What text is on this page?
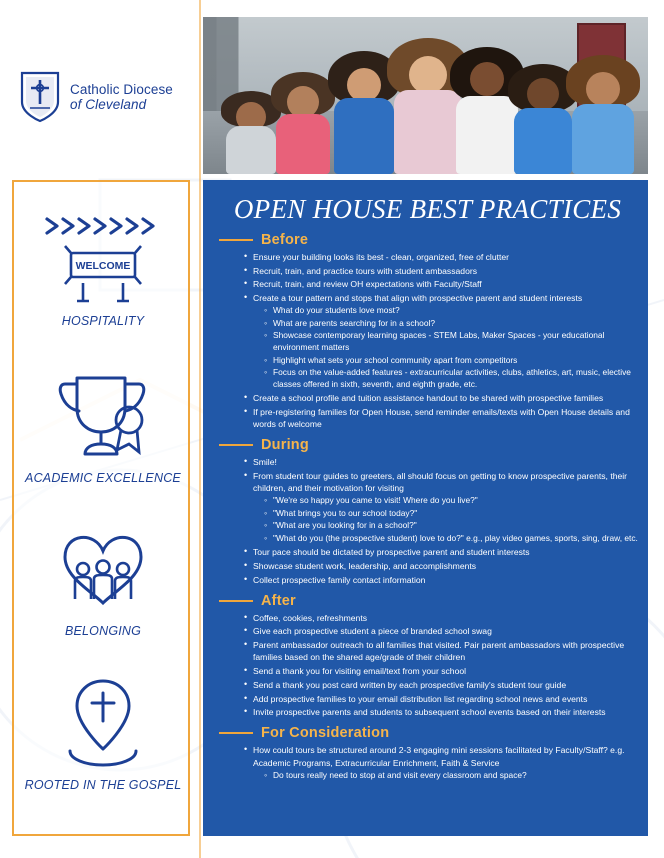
Catholic Diocese
of Cleveland
WELCOME
HOSPITALITY
ACADEMIC EXCELLENCE
BELONGING
ROOTED IN THE GOSPEL
OPEN HOUSE BEST PRACTICES
Before
• Ensure your building looks its best - clean, organized, free of clutter
• Recruit, train, and practice tours with student ambassadors
• Recruit, train, and review OH expectations with Faculty/Staff
• Create a tour pattern and stops that align with prospective parent and student interests
◦ What do your students love most?
◦ What are parents searching for in a school?
◦ Showcase contemporary learning spaces - STEM Labs, Maker Spaces - your educational environment matters
◦ Highlight what sets your school community apart from competitors
◦ Focus on the value-added features - extracurricular activities, clubs, athletics, art, music, elective classes offered in sixth, seventh, and eighth grade, etc.
• Create a school profile and tuition assistance handout to be shared with prospective families
• If pre-registering families for Open House, send reminder emails/texts with Open House details and words of welcome
During
• Smile!
• From student tour guides to greeters, all should focus on getting to know prospective parents, their children, and their motivation for visiting
◦ "We're so happy you came to visit! Where do you live?"
◦ "What brings you to our school today?"
◦ "What are you looking for in a school?"
◦ "What do you (the prospective student) love to do?" e.g., play video games, sports, sing, draw, etc.
• Tour pace should be dictated by prospective parent and student interests
• Showcase student work, leadership, and accomplishments
• Collect prospective family contact information
After
• Coffee, cookies, refreshments
• Give each prospective student a piece of branded school swag
• Parent ambassador outreach to all families that visited. Pair parent ambassadors with prospective families based on the shared age/grade of their children
• Send a thank you for visiting email/text from your school
• Send a thank you post card written by each prospective family's student tour guide
• Add prospective families to your email distribution list regarding school news and events
• Invite prospective parents and students to subsequent school events based on their interests
For Consideration
• How could tours be structured around 2-3 engaging mini sessions facilitated by Faculty/Staff? e.g. Academic Programs, Extracurricular Enrichment, Faith & Service
◦ Do tours really need to stop at and visit every classroom and space?
